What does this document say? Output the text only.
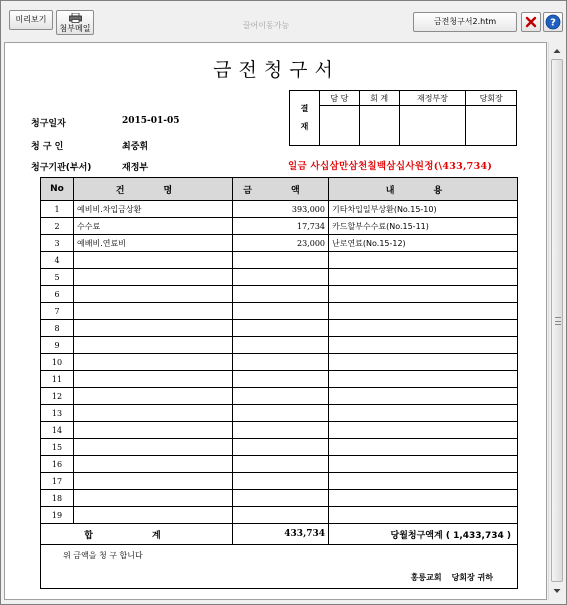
미리보기
첨부메일	끌어이동가능	금전청구서2.htm	?
금전청구서
청구일자	2015-01-05
청 구 인	최중휘
청구기관(부서)	재정부
결
재	담 당	회 계	재정부장	당회장

일금 사십삼만삼천칠백삼십사원정(\433,734)
No	건 명	금 액	내 용
1	예비비.차입금상환	393,000	기타차입일부상환(No.15-10)
2	수수료	17,734	카드할부수수료(No.15-11)
3	예배비.연료비	23,000	난로연료(No.15-12)
4			
5			
6			
7			
8			
9			
10			
11			
12			
13			
14			
15			
16			
17			
18			
19			
합 계		433,734	당월청구액계 ( 1,433,734 )
위 금액을 청 구 합니다			
홍릉교회 당회장 귀하			
